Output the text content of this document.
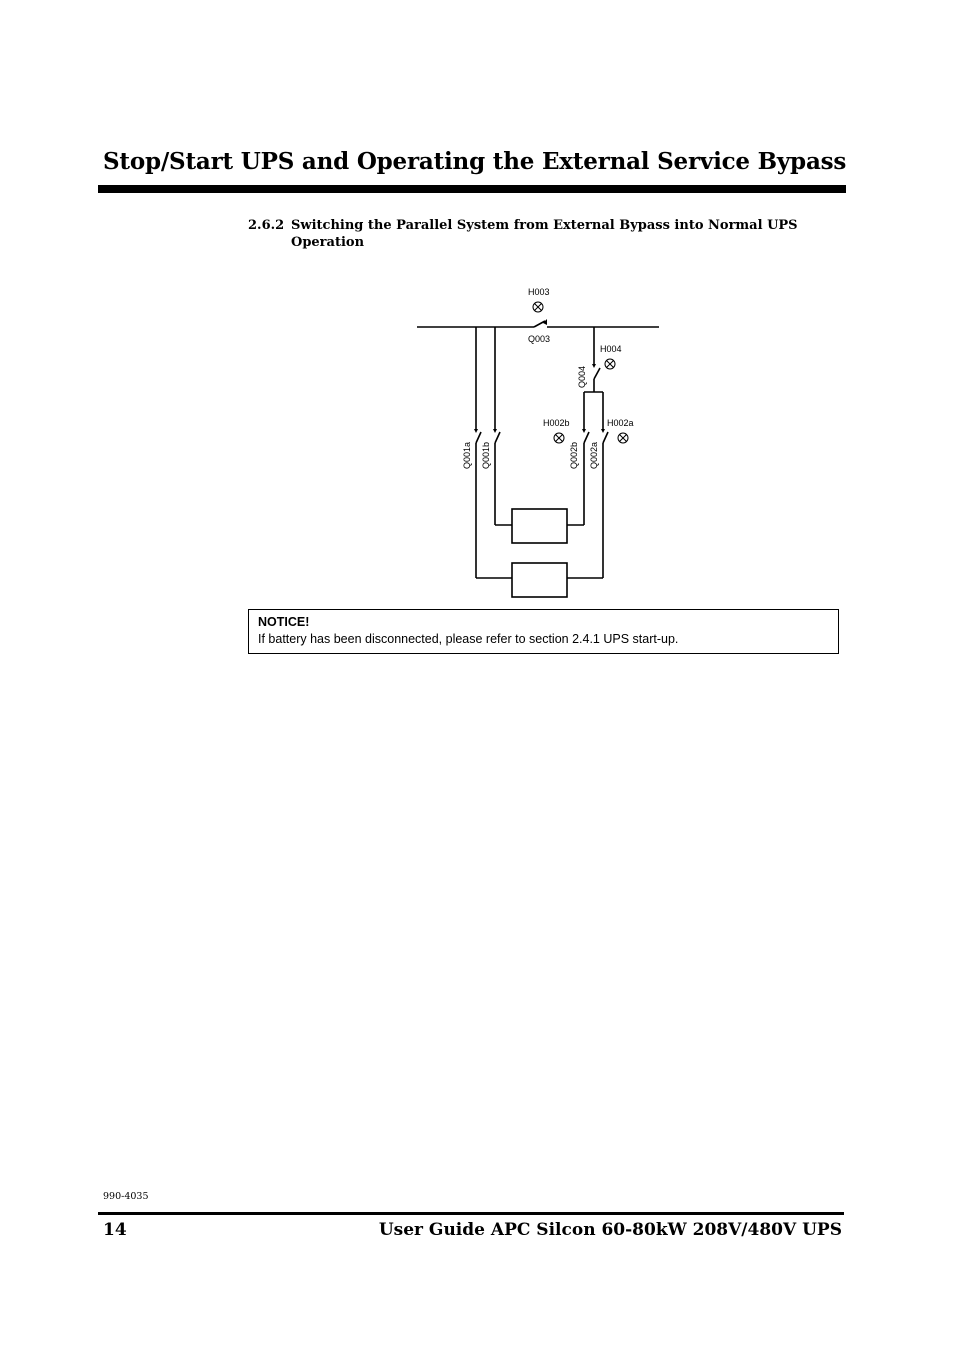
Stop/Start UPS and Operating the External Service Bypass
2.6.2 Switching the Parallel System from External Bypass into Normal UPS Operation
H003
Q003
H004
Q004
H002b	H002a
Q001a Q001b	Q002b Q002a
NOTICE!
If battery has been disconnected, please refer to section 2.4.1 UPS start-up.
990-4035
14	User Guide APC Silcon 60-80kW 208V/480V UPS
